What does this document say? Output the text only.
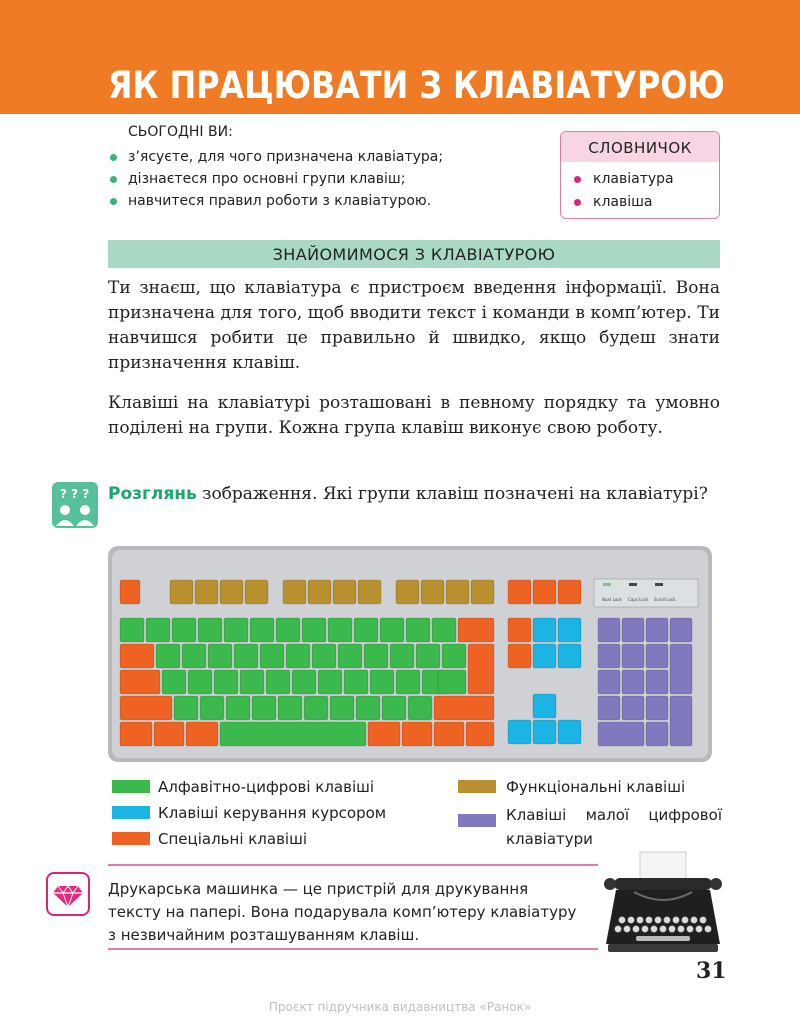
ЯК ПРАЦЮВАТИ З КЛАВІАТУРОЮ
СЬОГОДНІ ВИ:
з’ясуєте, для чого призначена клавіатура;
дізнаєтеся про основні групи клавіш;
навчитеся правил роботи з клавіатурою.
СЛОВНИЧОК
клавіатура
клавіша
ЗНАЙОМИМОСЯ З КЛАВІАТУРОЮ
Ти знаєш, що клавіатура є пристроєм введення інформації. Вона призначена для того, щоб вводити текст і команди в комп’ютер. Ти навчишся робити це правильно й швидко, якщо будеш знати призначення клавіш.
Клавіші на клавіатурі розташовані в певному порядку та умовно поділені на групи. Кожна група клавіш виконує свою роботу.
? ? ? Розглянь зображення. Які групи клавіш позначені на клавіатурі?
Num Lock Caps Lock Scroll Lock
Алфавітно-цифрові клавіші
Клавіші керування курсором
Спеціальні клавіші
Функціональні клавіші
Клавіші малої цифрової клавіатури

Друкарська машинка — це пристрій для друкування тексту на папері. Вона подарувала комп’ютеру клавіатуру з незвичайним розташуванням клавіш.

31
Проєкт підручника видавництва «Ранок»
